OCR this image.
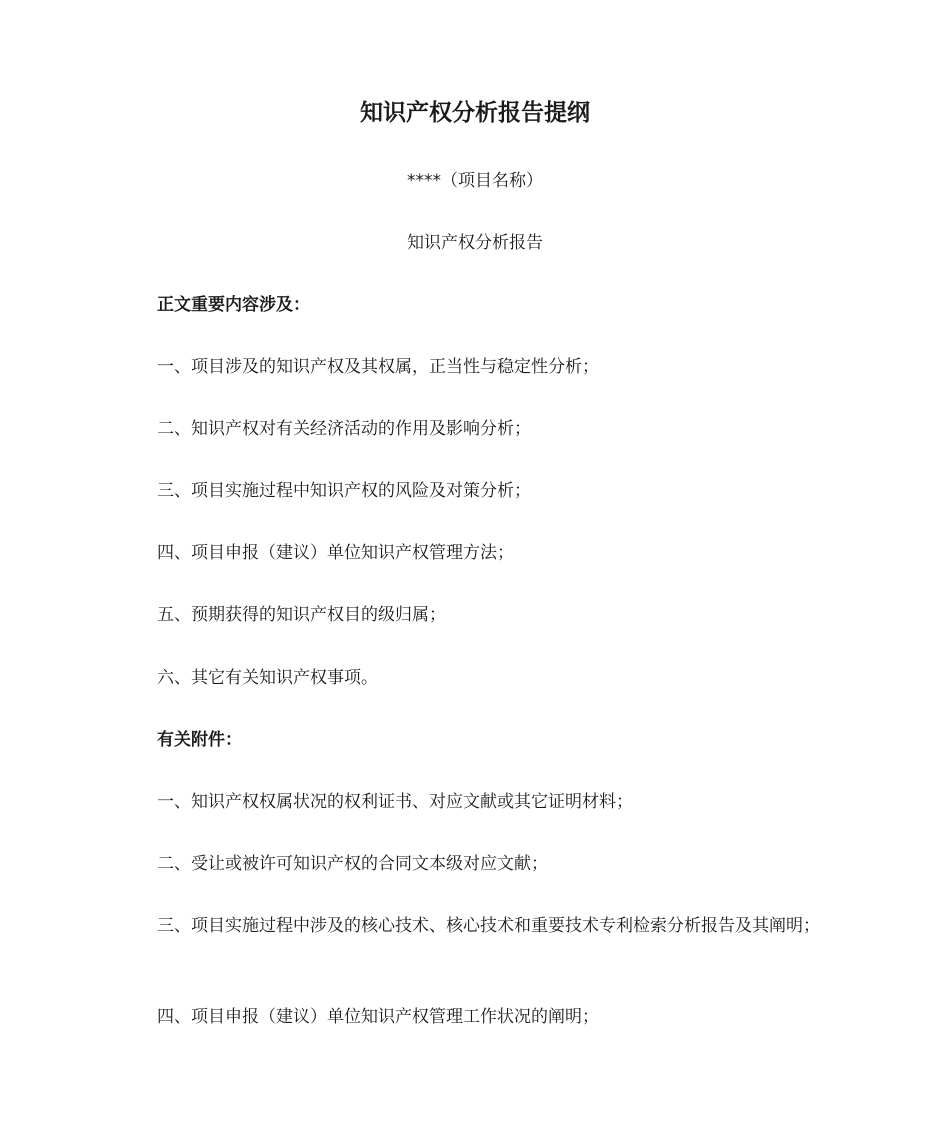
知识产权分析报告提纲

****（项目名称）

知识产权分析报告

正文重要内容涉及：

一、项目涉及的知识产权及其权属，正当性与稳定性分析；

二、知识产权对有关经济活动的作用及影响分析；

三、项目实施过程中知识产权的风险及对策分析；

四、项目申报（建议）单位知识产权管理方法；

五、预期获得的知识产权目的级归属；

六、其它有关知识产权事项。

有关附件：

一、知识产权权属状况的权利证书、对应文献或其它证明材料；

二、受让或被许可知识产权的合同文本级对应文献；

三、项目实施过程中涉及的核心技术、核心技术和重要技术专利检索分析报告及其阐明；

四、项目申报（建议）单位知识产权管理工作状况的阐明；
